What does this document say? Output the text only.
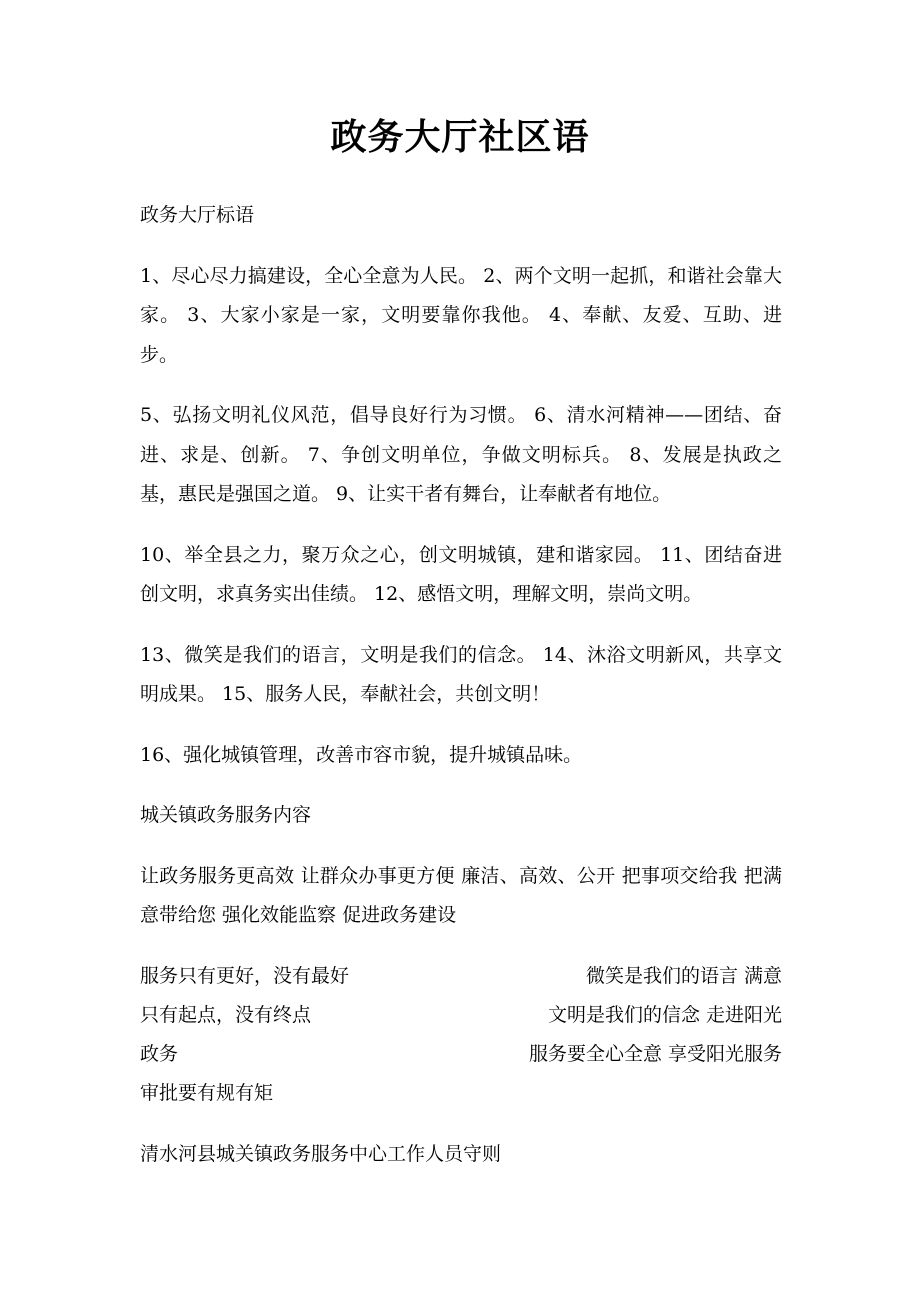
政务大厅社区语

政务大厅标语

1、尽心尽力搞建设，全心全意为人民。 2、两个文明一起抓，和谐社会靠大家。 3、大家小家是一家，文明要靠你我他。 4、奉献、友爱、互助、进步。

5、弘扬文明礼仪风范，倡导良好行为习惯。 6、清水河精神——团结、奋进、求是、创新。 7、争创文明单位，争做文明标兵。 8、发展是执政之基，惠民是强国之道。 9、让实干者有舞台，让奉献者有地位。

10、举全县之力，聚万众之心，创文明城镇，建和谐家园。 11、团结奋进创文明，求真务实出佳绩。 12、感悟文明，理解文明，崇尚文明。

13、微笑是我们的语言，文明是我们的信念。 14、沐浴文明新风，共享文明成果。 15、服务人民，奉献社会，共创文明！

16、强化城镇管理，改善市容市貌，提升城镇品味。

城关镇政务服务内容

让政务服务更高效 让群众办事更方便 廉洁、高效、公开 把事项交给我 把满意带给您 强化效能监察 促进政务建设

服务只有更好，没有最好	微笑是我们的语言 满意
只有起点，没有终点	文明是我们的信念 走进阳光
政务	服务要全心全意 享受阳光服务
审批要有规有矩

清水河县城关镇政务服务中心工作人员守则
